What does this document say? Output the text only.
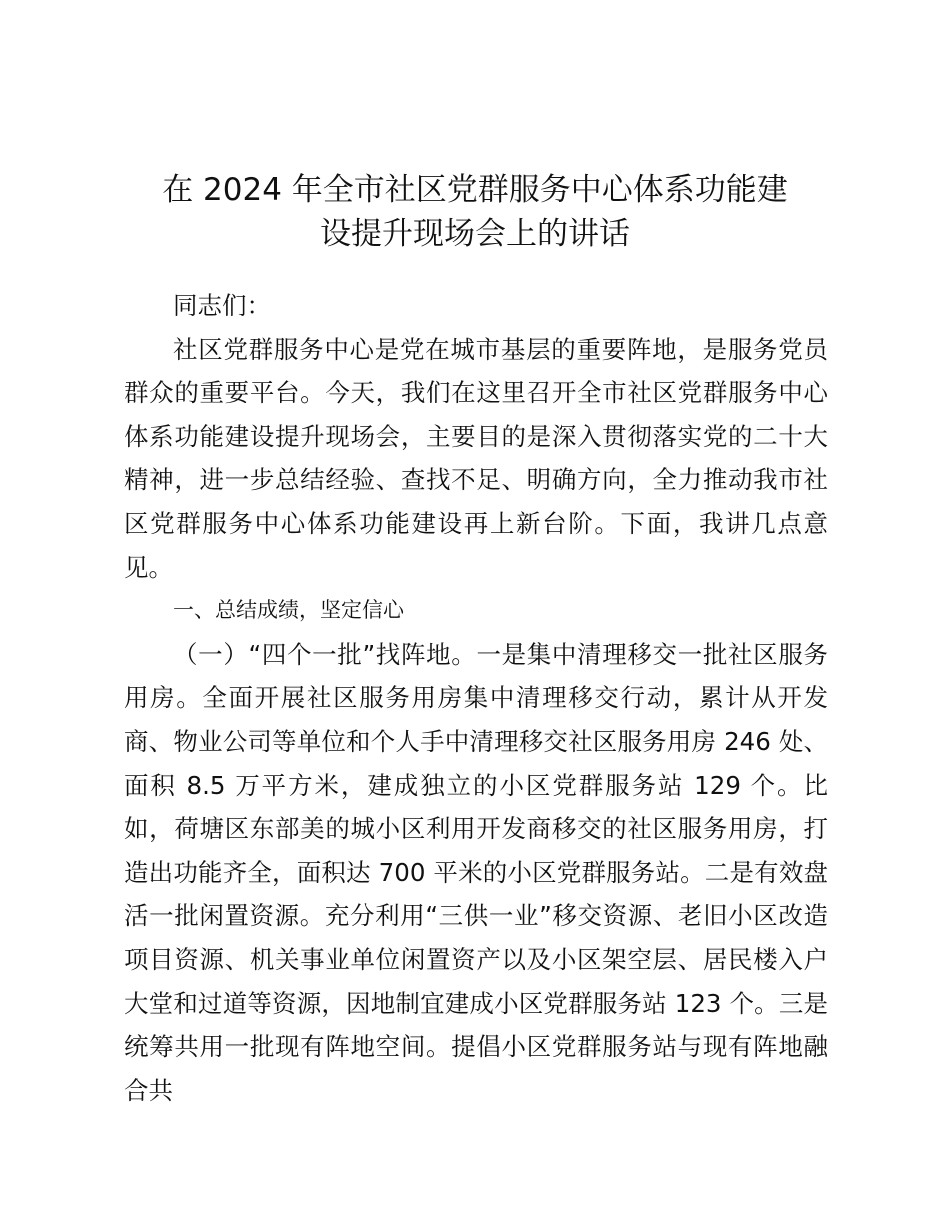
在 2024 年全市社区党群服务中心体系功能建
设提升现场会上的讲话

同志们：

社区党群服务中心是党在城市基层的重要阵地，是服务党员群众的重要平台。今天，我们在这里召开全市社区党群服务中心体系功能建设提升现场会，主要目的是深入贯彻落实党的二十大精神，进一步总结经验、查找不足、明确方向，全力推动我市社区党群服务中心体系功能建设再上新台阶。下面，我讲几点意见。

一、总结成绩，坚定信心

（一）“四个一批”找阵地。一是集中清理移交一批社区服务用房。全面开展社区服务用房集中清理移交行动，累计从开发商、物业公司等单位和个人手中清理移交社区服务用房 246 处、面积 8.5 万平方米，建成独立的小区党群服务站 129 个。比如，荷塘区东部美的城小区利用开发商移交的社区服务用房，打造出功能齐全，面积达 700 平米的小区党群服务站。二是有效盘活一批闲置资源。充分利用“三供一业”移交资源、老旧小区改造项目资源、机关事业单位闲置资产以及小区架空层、居民楼入户大堂和过道等资源，因地制宜建成小区党群服务站 123 个。三是统筹共用一批现有阵地空间。提倡小区党群服务站与现有阵地融合共
